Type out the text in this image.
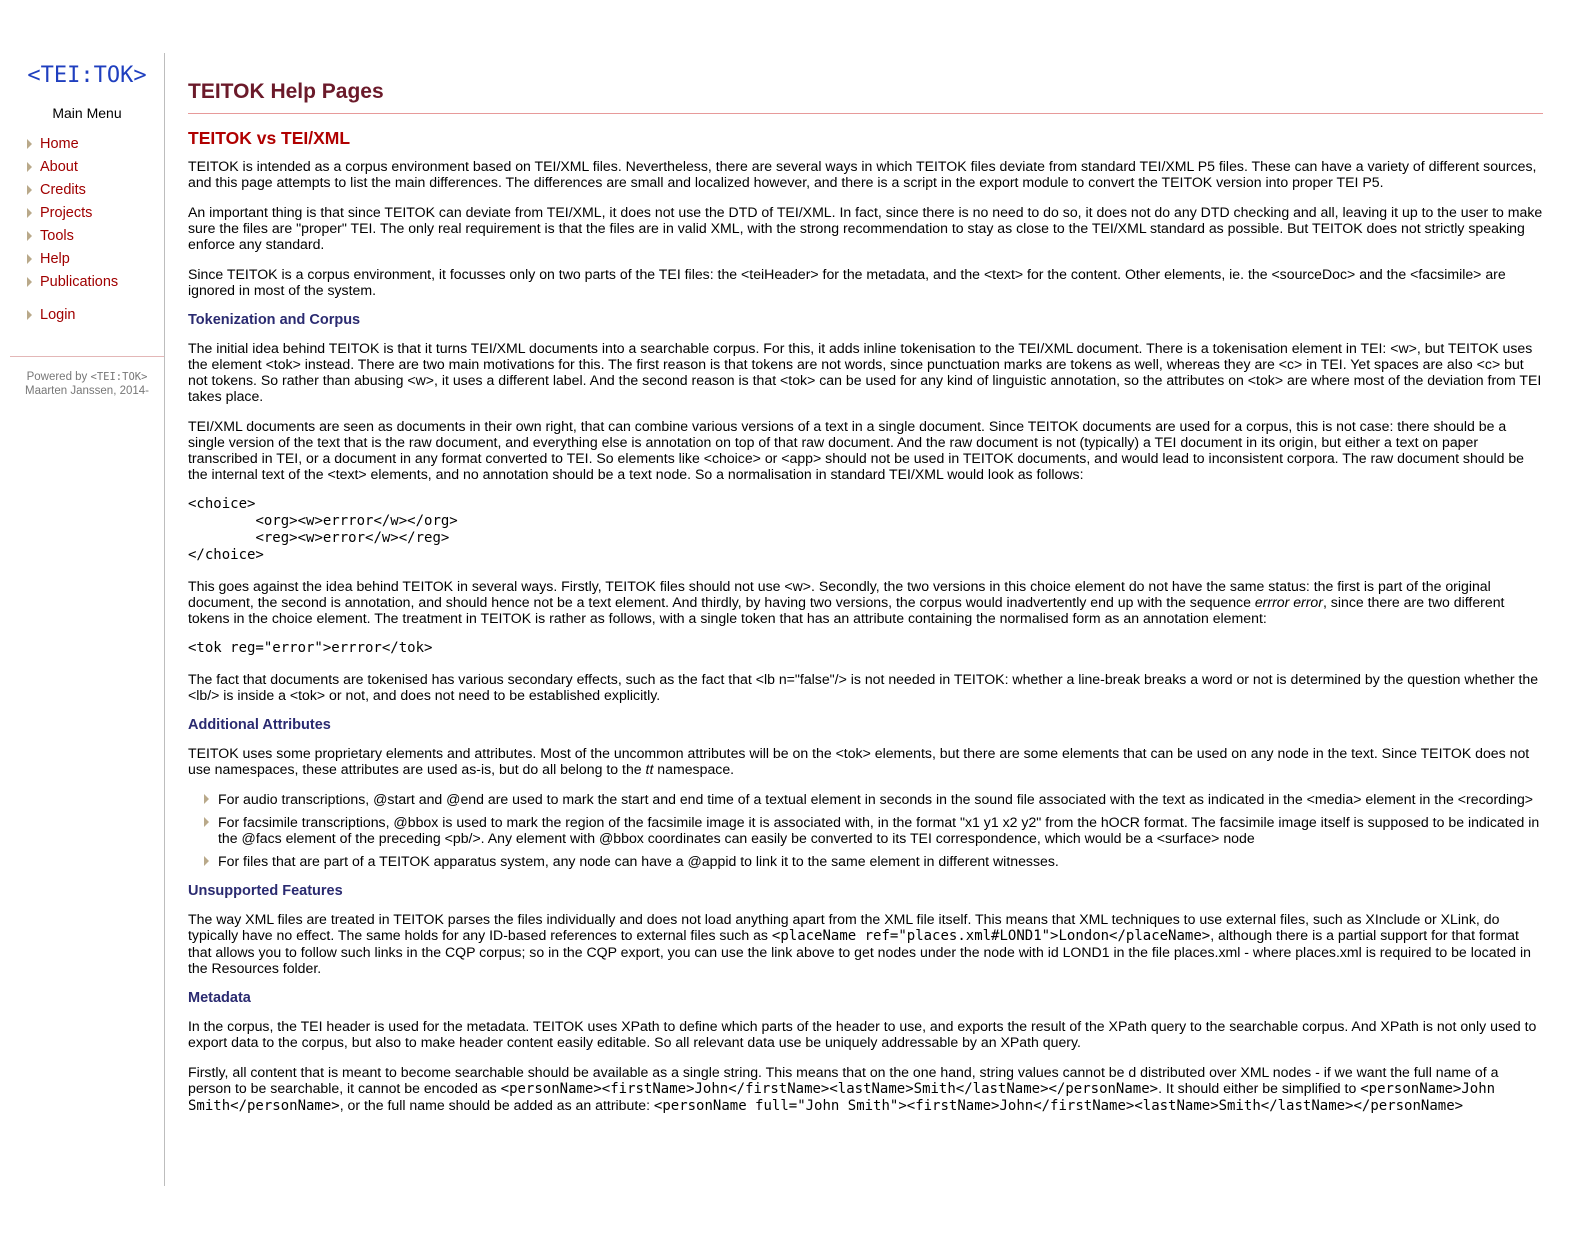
<TEI:TOK>
Main Menu
Home
About
Credits
Projects
Tools
Help
Publications
Login
Powered by <TEI:TOK>
Maarten Janssen, 2014-
TEITOK Help Pages
TEITOK vs TEI/XML

TEITOK is intended as a corpus environment based on TEI/XML files. Nevertheless, there are several ways in which TEITOK files deviate from standard TEI/XML P5 files. These can have a variety of different sources, and this page attempts to list the main differences. The differences are small and localized however, and there is a script in the export module to convert the TEITOK version into proper TEI P5.

An important thing is that since TEITOK can deviate from TEI/XML, it does not use the DTD of TEI/XML. In fact, since there is no need to do so, it does not do any DTD checking and all, leaving it up to the user to make sure the files are "proper" TEI. The only real requirement is that the files are in valid XML, with the strong recommendation to stay as close to the TEI/XML standard as possible. But TEITOK does not strictly speaking enforce any standard.

Since TEITOK is a corpus environment, it focusses only on two parts of the TEI files: the <teiHeader> for the metadata, and the <text> for the content. Other elements, ie. the <sourceDoc> and the <facsimile> are ignored in most of the system.

Tokenization and Corpus

The initial idea behind TEITOK is that it turns TEI/XML documents into a searchable corpus. For this, it adds inline tokenisation to the TEI/XML document. There is a tokenisation element in TEI: <w>, but TEITOK uses the element <tok> instead. There are two main motivations for this. The first reason is that tokens are not words, since punctuation marks are tokens as well, whereas they are <c> in TEI. Yet spaces are also <c> but not tokens. So rather than abusing <w>, it uses a different label. And the second reason is that <tok> can be used for any kind of linguistic annotation, so the attributes on <tok> are where most of the deviation from TEI takes place.

TEI/XML documents are seen as documents in their own right, that can combine various versions of a text in a single document. Since TEITOK documents are used for a corpus, this is not case: there should be a single version of the text that is the raw document, and everything else is annotation on top of that raw document. And the raw document is not (typically) a TEI document in its origin, but either a text on paper transcribed in TEI, or a document in any format converted to TEI. So elements like <choice> or <app> should not be used in TEITOK documents, and would lead to inconsistent corpora. The raw document should be the internal text of the <text> elements, and no annotation should be a text node. So a normalisation in standard TEI/XML would look as follows:

<choice>
	<org><w>errror</w></org>
	<reg><w>error</w></reg>
</choice>

This goes against the idea behind TEITOK in several ways. Firstly, TEITOK files should not use <w>. Secondly, the two versions in this choice element do not have the same status: the first is part of the original document, the second is annotation, and should hence not be a text element. And thirdly, by having two versions, the corpus would inadvertently end up with the sequence errror error, since there are two different tokens in the choice element. The treatment in TEITOK is rather as follows, with a single token that has an attribute containing the normalised form as an annotation element:

<tok reg="error">errror</tok>

The fact that documents are tokenised has various secondary effects, such as the fact that <lb n="false"/> is not needed in TEITOK: whether a line-break breaks a word or not is determined by the question whether the <lb/> is inside a <tok> or not, and does not need to be established explicitly.

Additional Attributes

TEITOK uses some proprietary elements and attributes. Most of the uncommon attributes will be on the <tok> elements, but there are some elements that can be used on any node in the text. Since TEITOK does not use namespaces, these attributes are used as-is, but do all belong to the tt namespace.

For audio transcriptions, @start and @end are used to mark the start and end time of a textual element in seconds in the sound file associated with the text as indicated in the <media> element in the <recording>
For facsimile transcriptions, @bbox is used to mark the region of the facsimile image it is associated with, in the format "x1 y1 x2 y2" from the hOCR format. The facsimile image itself is supposed to be indicated in the @facs element of the preceding <pb/>. Any element with @bbox coordinates can easily be converted to its TEI correspondence, which would be a <surface> node
For files that are part of a TEITOK apparatus system, any node can have a @appid to link it to the same element in different witnesses.
Unsupported Features

The way XML files are treated in TEITOK parses the files individually and does not load anything apart from the XML file itself. This means that XML techniques to use external files, such as XInclude or XLink, do typically have no effect. The same holds for any ID-based references to external files such as <placeName ref="places.xml#LOND1">London</placeName>, although there is a partial support for that format that allows you to follow such links in the CQP corpus; so in the CQP export, you can use the link above to get nodes under the node with id LOND1 in the file places.xml - where places.xml is required to be located in the Resources folder.

Metadata

In the corpus, the TEI header is used for the metadata. TEITOK uses XPath to define which parts of the header to use, and exports the result of the XPath query to the searchable corpus. And XPath is not only used to export data to the corpus, but also to make header content easily editable. So all relevant data use be uniquely addressable by an XPath query.

Firstly, all content that is meant to become searchable should be available as a single string. This means that on the one hand, string values cannot be d distributed over XML nodes - if we want the full name of a person to be searchable, it cannot be encoded as <personName><firstName>John</firstName><lastName>Smith</lastName></personName>. It should either be simplified to <personName>John Smith</personName>, or the full name should be added as an attribute: <personName full="John Smith"><firstName>John</firstName><lastName>Smith</lastName></personName>
